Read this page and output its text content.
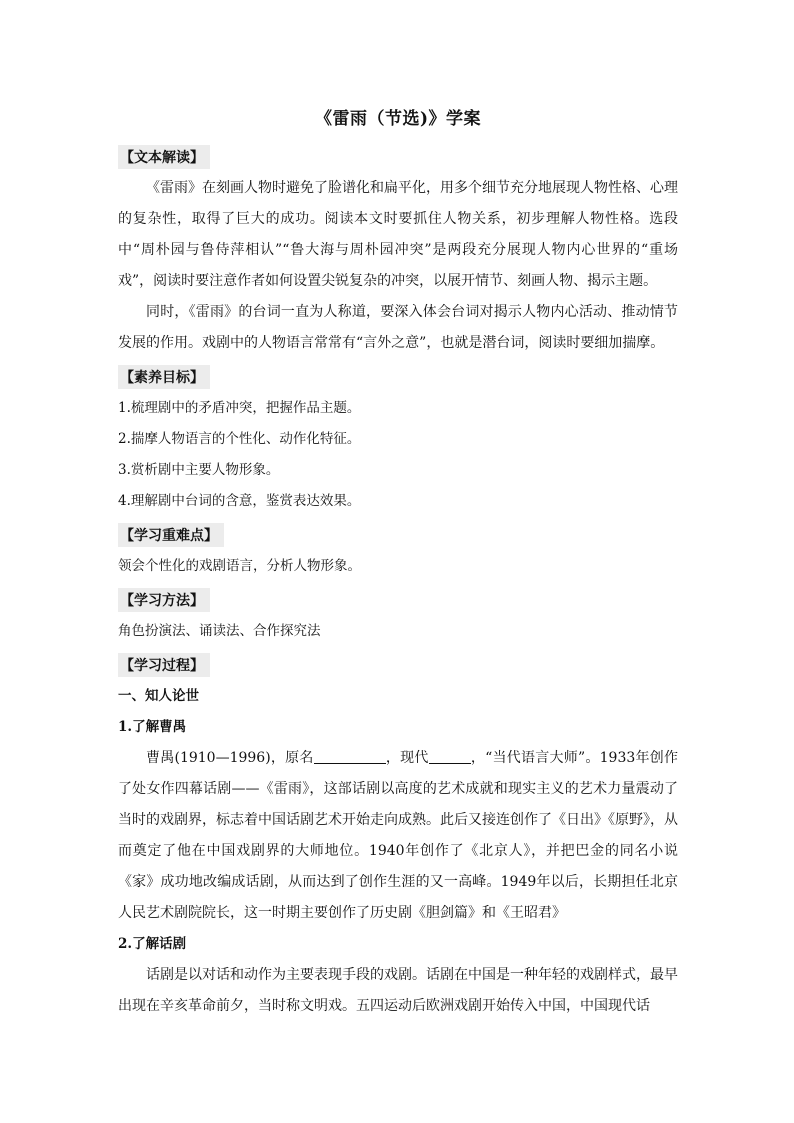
《雷雨（节选)》学案
【文本解读】

《雷雨》在刻画人物时避免了脸谱化和扁平化，用多个细节充分地展现人物性格、心理的复杂性，取得了巨大的成功。阅读本文时要抓住人物关系，初步理解人物性格。选段中“周朴园与鲁侍萍相认”“鲁大海与周朴园冲突”是两段充分展现人物内心世界的“重场戏”，阅读时要注意作者如何设置尖锐复杂的冲突，以展开情节、刻画人物、揭示主题。

同时，《雷雨》的台词一直为人称道，要深入体会台词对揭示人物内心活动、推动情节发展的作用。戏剧中的人物语言常常有“言外之意”，也就是潜台词，阅读时要细加揣摩。

【素养目标】

1.梳理剧中的矛盾冲突，把握作品主题。

2.揣摩人物语言的个性化、动作化特征。

3.赏析剧中主要人物形象。

4.理解剧中台词的含意，鉴赏表达效果。

【学习重难点】

领会个性化的戏剧语言，分析人物形象。

【学习方法】

角色扮演法、诵读法、合作探究法

【学习过程】

一、知人论世

1.了解曹禺

曹禺(1910—1996)，原名	，现代	，“当代语言大师”。1933年创作了处女作四幕话剧——《雷雨》，这部话剧以高度的艺术成就和现实主义的艺术力量震动了当时的戏剧界，标志着中国话剧艺术开始走向成熟。此后又接连创作了《日出》《原野》，从而奠定了他在中国戏剧界的大师地位。1940年创作了《北京人》，并把巴金的同名小说《家》成功地改编成话剧，从而达到了创作生涯的又一高峰。1949年以后，长期担任北京人民艺术剧院院长，这一时期主要创作了历史剧《胆剑篇》和《王昭君》

2.了解话剧

话剧是以对话和动作为主要表现手段的戏剧。话剧在中国是一种年轻的戏剧样式，最早出现在辛亥革命前夕，当时称文明戏。五四运动后欧洲戏剧开始传入中国，中国现代话
